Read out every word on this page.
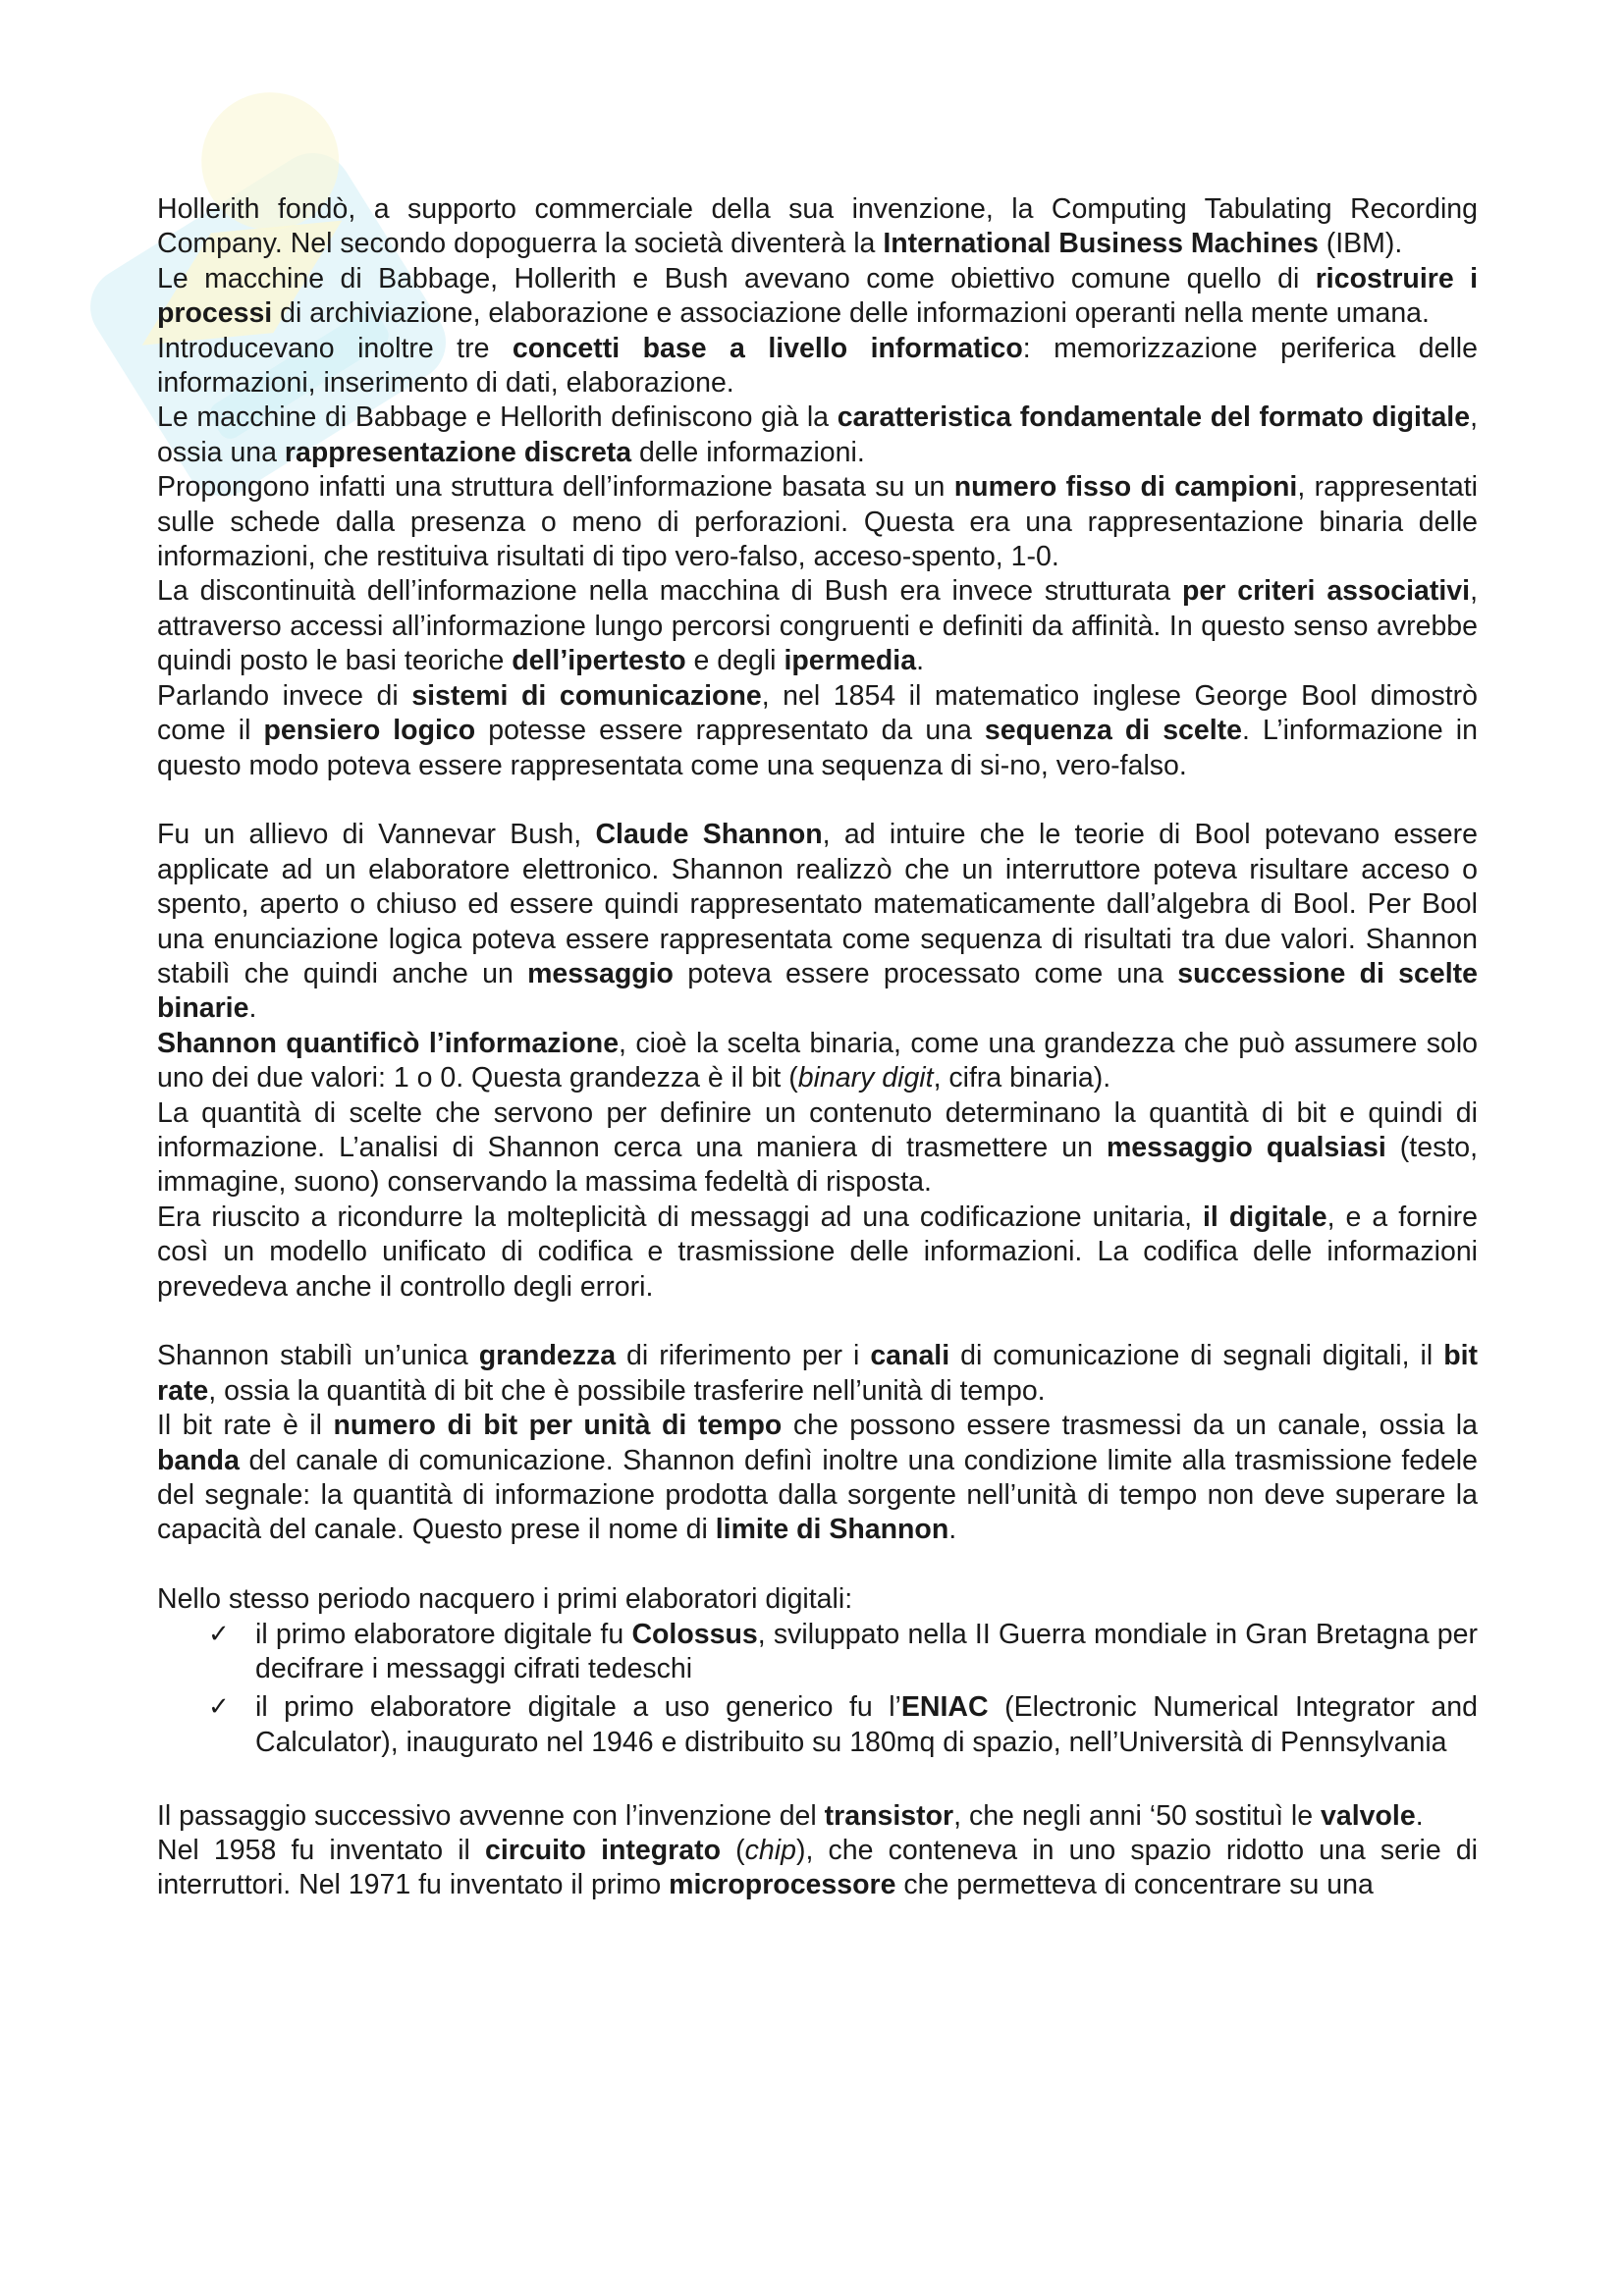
Hollerith fondò, a supporto commerciale della sua invenzione, la Computing Tabulating Recording Company. Nel secondo dopoguerra la società diventerà la International Business Machines (IBM).

Le macchine di Babbage, Hollerith e Bush avevano come obiettivo comune quello di ricostruire i processi di archiviazione, elaborazione e associazione delle informazioni operanti nella mente umana.

Introducevano inoltre tre concetti base a livello informatico: memorizzazione periferica delle informazioni, inserimento di dati, elaborazione.

Le macchine di Babbage e Hellorith definiscono già la caratteristica fondamentale del formato digitale, ossia una rappresentazione discreta delle informazioni.

Propongono infatti una struttura dell’informazione basata su un numero fisso di campioni, rappresentati sulle schede dalla presenza o meno di perforazioni. Questa era una rappresentazione binaria delle informazioni, che restituiva risultati di tipo vero-falso, acceso-spento, 1-0.

La discontinuità dell’informazione nella macchina di Bush era invece strutturata per criteri associativi, attraverso accessi all’informazione lungo percorsi congruenti e definiti da affinità. In questo senso avrebbe quindi posto le basi teoriche dell’ipertesto e degli ipermedia.

Parlando invece di sistemi di comunicazione, nel 1854 il matematico inglese George Bool dimostrò come il pensiero logico potesse essere rappresentato da una sequenza di scelte. L’informazione in questo modo poteva essere rappresentata come una sequenza di si-no, vero-falso.

Fu un allievo di Vannevar Bush, Claude Shannon, ad intuire che le teorie di Bool potevano essere applicate ad un elaboratore elettronico. Shannon realizzò che un interruttore poteva risultare acceso o spento, aperto o chiuso ed essere quindi rappresentato matematicamente dall’algebra di Bool. Per Bool una enunciazione logica poteva essere rappresentata come sequenza di risultati tra due valori. Shannon stabilì che quindi anche un messaggio poteva essere processato come una successione di scelte binarie.

Shannon quantificò l’informazione, cioè la scelta binaria, come una grandezza che può assumere solo uno dei due valori: 1 o 0. Questa grandezza è il bit (binary digit, cifra binaria).

La quantità di scelte che servono per definire un contenuto determinano la quantità di bit e quindi di informazione. L’analisi di Shannon cerca una maniera di trasmettere un messaggio qualsiasi (testo, immagine, suono) conservando la massima fedeltà di risposta.

Era riuscito a ricondurre la molteplicità di messaggi ad una codificazione unitaria, il digitale, e a fornire così un modello unificato di codifica e trasmissione delle informazioni. La codifica delle informazioni prevedeva anche il controllo degli errori.

Shannon stabilì un’unica grandezza di riferimento per i canali di comunicazione di segnali digitali, il bit rate, ossia la quantità di bit che è possibile trasferire nell’unità di tempo.

Il bit rate è il numero di bit per unità di tempo che possono essere trasmessi da un canale, ossia la banda del canale di comunicazione. Shannon definì inoltre una condizione limite alla trasmissione fedele del segnale: la quantità di informazione prodotta dalla sorgente nell’unità di tempo non deve superare la capacità del canale. Questo prese il nome di limite di Shannon.

Nello stesso periodo nacquero i primi elaboratori digitali:

✓ il primo elaboratore digitale fu Colossus, sviluppato nella II Guerra mondiale in Gran Bretagna per decifrare i messaggi cifrati tedeschi
✓ il primo elaboratore digitale a uso generico fu l’ENIAC (Electronic Numerical Integrator and Calculator), inaugurato nel 1946 e distribuito su 180mq di spazio, nell’Università di Pennsylvania

Il passaggio successivo avvenne con l’invenzione del transistor, che negli anni ‘50 sostituì le valvole.

Nel 1958 fu inventato il circuito integrato (chip), che conteneva in uno spazio ridotto una serie di interruttori. Nel 1971 fu inventato il primo microprocessore che permetteva di concentrare su una
